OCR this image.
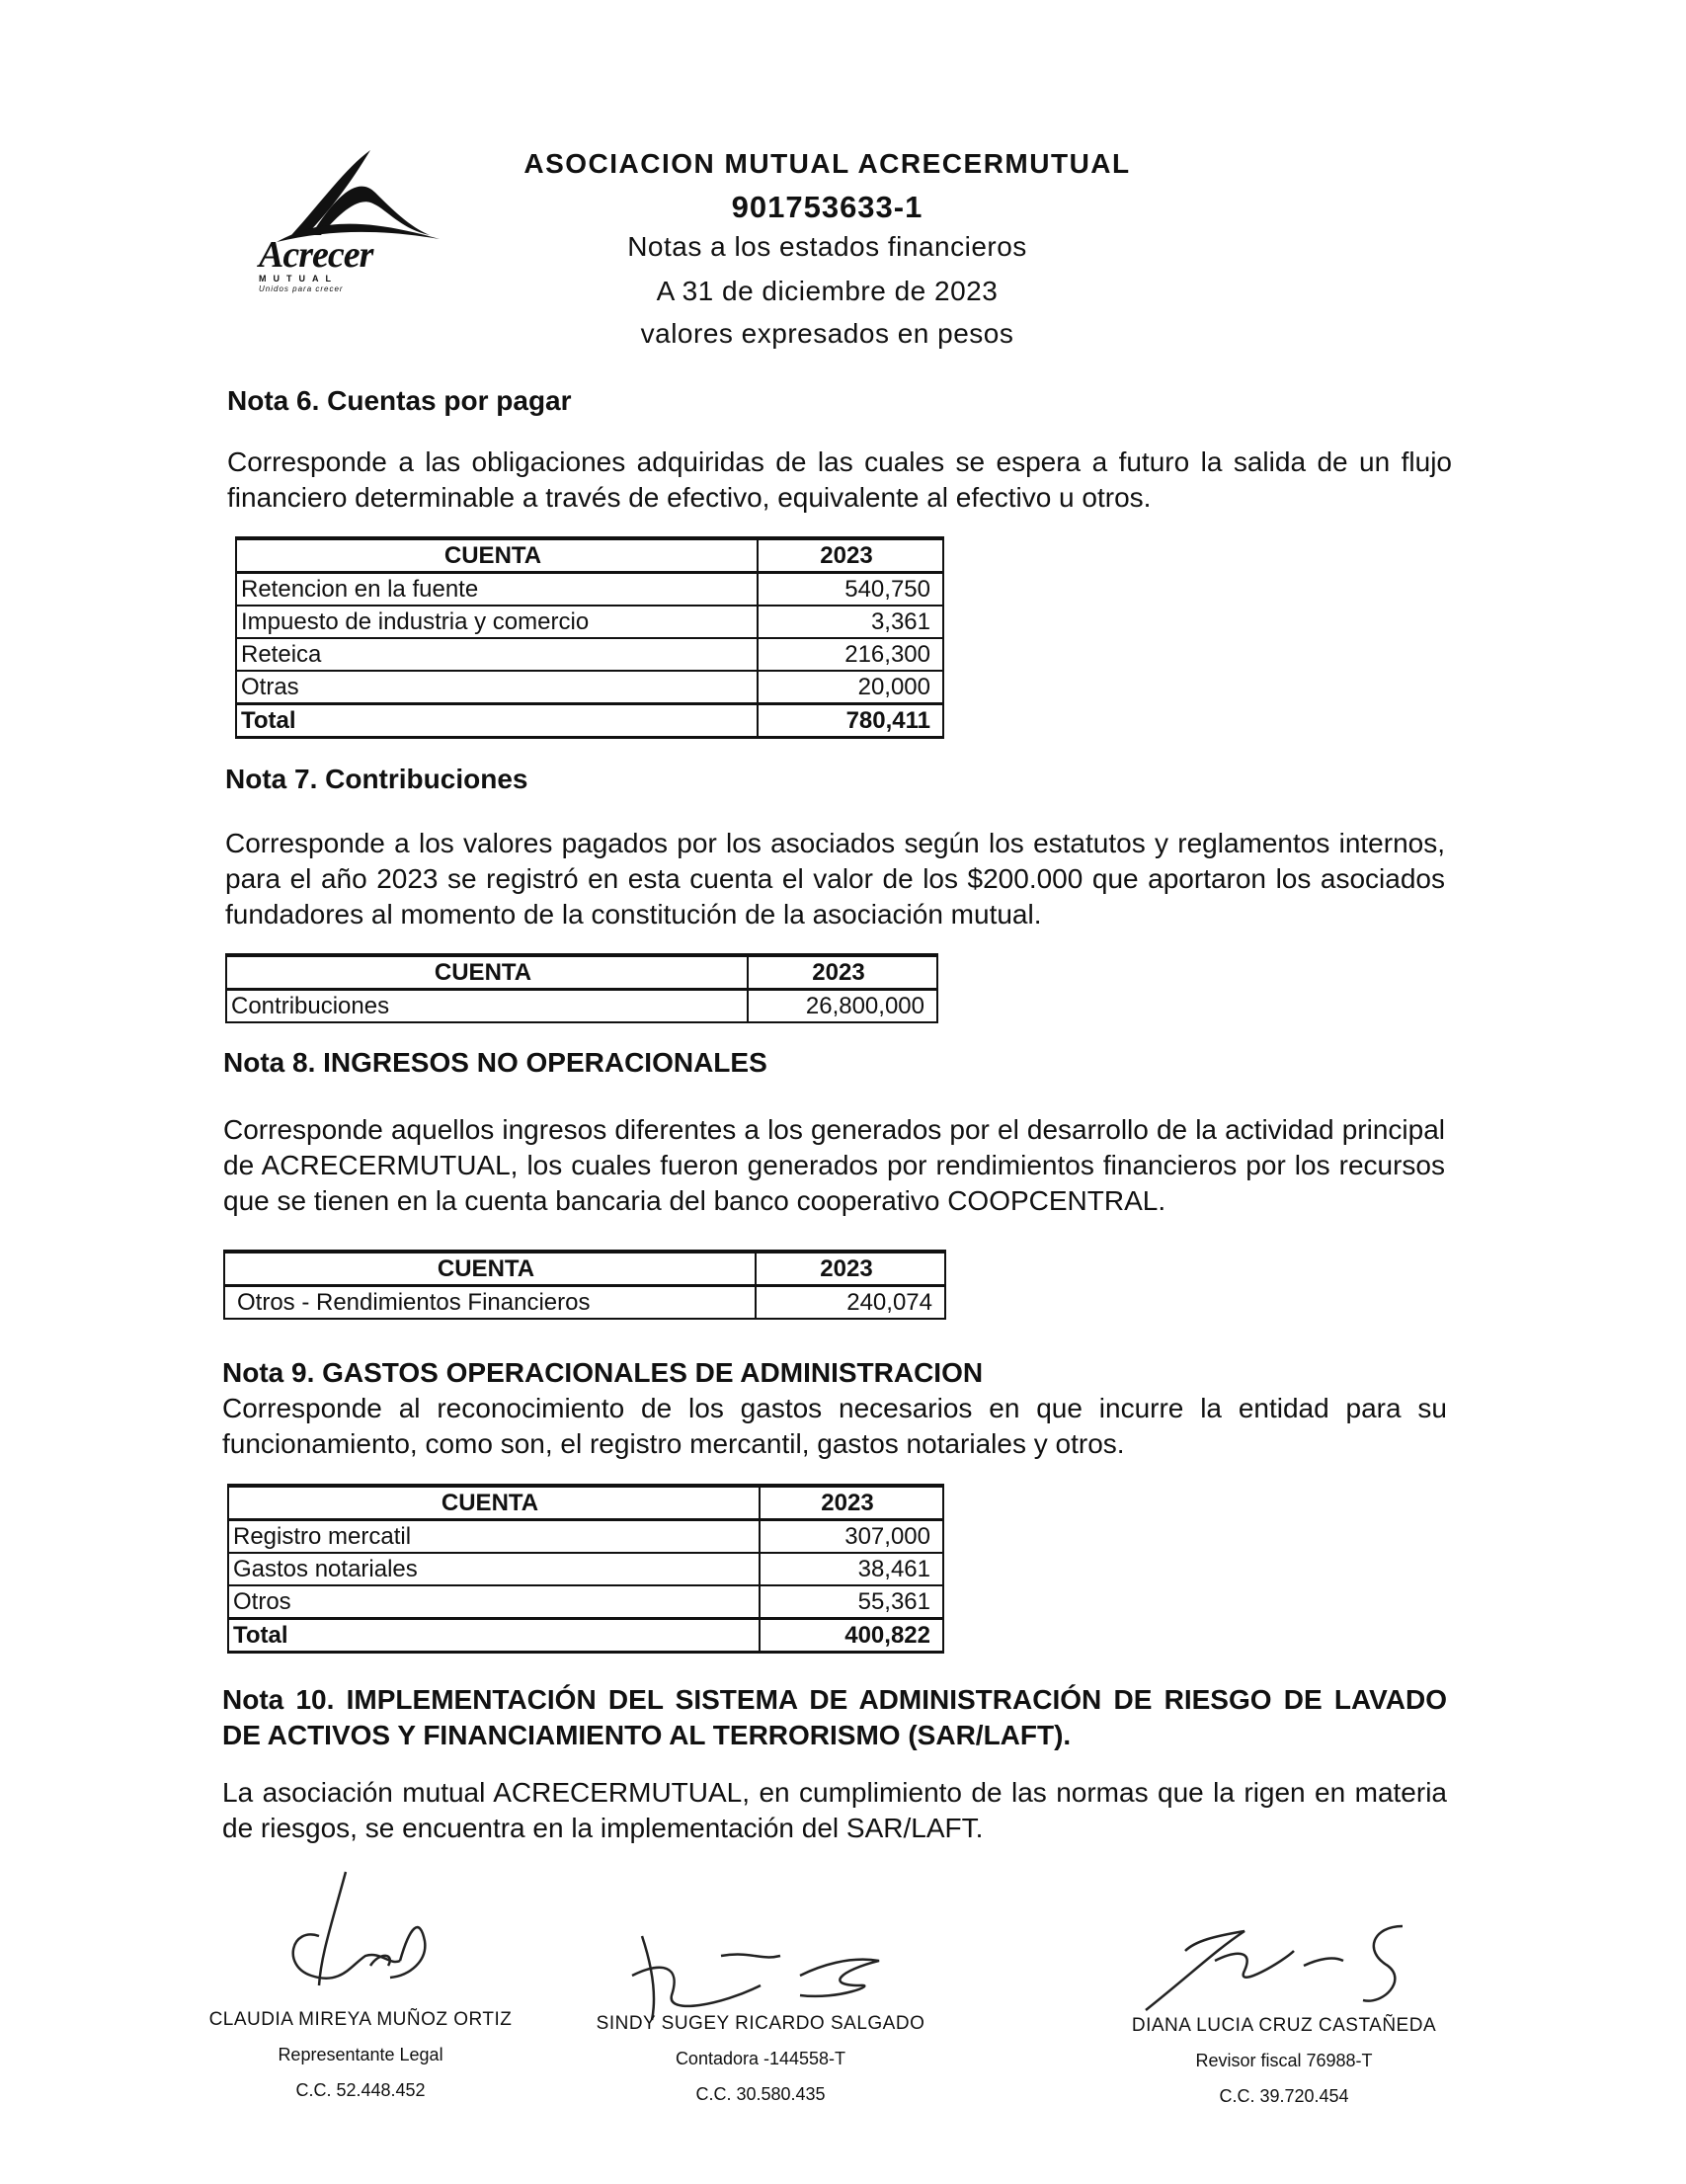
Acrecer
MUTUAL
Unidos para crecer
ASOCIACION MUTUAL ACRECERMUTUAL
901753633-1
Notas a los estados financieros
A 31 de diciembre de 2023
valores expresados en pesos
Nota 6. Cuentas por pagar
Corresponde a las obligaciones adquiridas de las cuales se espera a futuro la salida de un flujo financiero determinable a través de efectivo, equivalente al efectivo u otros.
CUENTA	2023
Retencion en la fuente	540,750
Impuesto de industria y comercio	3,361
Reteica	216,300
Otras	20,000
Total	780,411
Nota 7. Contribuciones
Corresponde a los valores pagados por los asociados según los estatutos y reglamentos internos, para el año 2023 se registró en esta cuenta el valor de los $200.000 que aportaron los asociados fundadores al momento de la constitución de la asociación mutual.
CUENTA	2023
Contribuciones	26,800,000
Nota 8. INGRESOS NO OPERACIONALES
Corresponde aquellos ingresos diferentes a los generados por el desarrollo de la actividad principal de ACRECERMUTUAL, los cuales fueron generados por rendimientos financieros por los recursos que se tienen en la cuenta bancaria del banco cooperativo COOPCENTRAL.
CUENTA	2023
Otros - Rendimientos Financieros	240,074
Nota 9. GASTOS OPERACIONALES DE ADMINISTRACION
Corresponde al reconocimiento de los gastos necesarios en que incurre la entidad para su funcionamiento, como son, el registro mercantil, gastos notariales y otros.
CUENTA	2023
Registro mercatil	307,000
Gastos notariales	38,461
Otros	55,361
Total	400,822
Nota 10. IMPLEMENTACIÓN DEL SISTEMA DE ADMINISTRACIÓN DE RIESGO DE LAVADO DE ACTIVOS Y FINANCIAMIENTO AL TERRORISMO (SAR/LAFT).
La asociación mutual ACRECERMUTUAL, en cumplimiento de las normas que la rigen en materia de riesgos, se encuentra en la implementación del SAR/LAFT.
CLAUDIA MIREYA MUÑOZ ORTIZ
Representante Legal
C.C. 52.448.452
SINDY SUGEY RICARDO SALGADO
Contadora -144558-T
C.C. 30.580.435
DIANA LUCIA CRUZ CASTAÑEDA
Revisor fiscal 76988-T
C.C. 39.720.454
